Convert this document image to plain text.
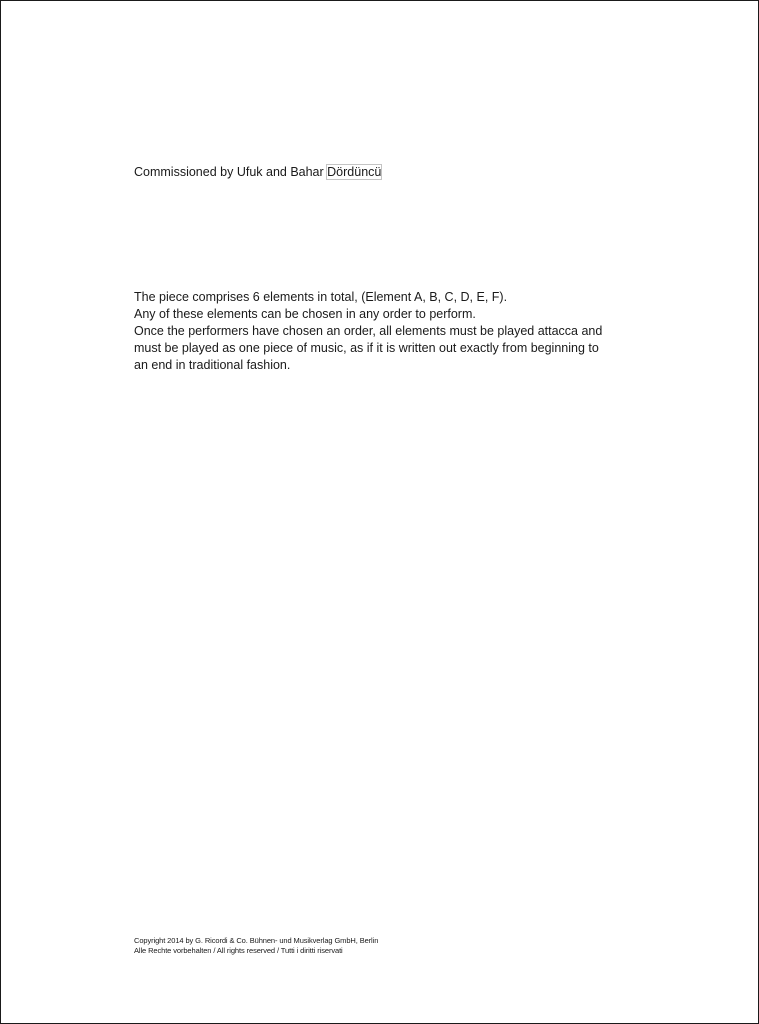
Commissioned by Ufuk and Bahar Dördüncü

The piece comprises 6 elements in total, (Element A, B, C, D, E, F).

Any of these elements can be chosen in any order to perform.

Once the performers have chosen an order, all elements must be played attacca and

must be played as one piece of music, as if it is written out exactly from beginning to

an end in traditional fashion.

Copyright 2014 by G. Ricordi & Co. Bühnen- und Musikverlag GmbH, Berlin

Alle Rechte vorbehalten / All rights reserved / Tutti i diritti riservati
